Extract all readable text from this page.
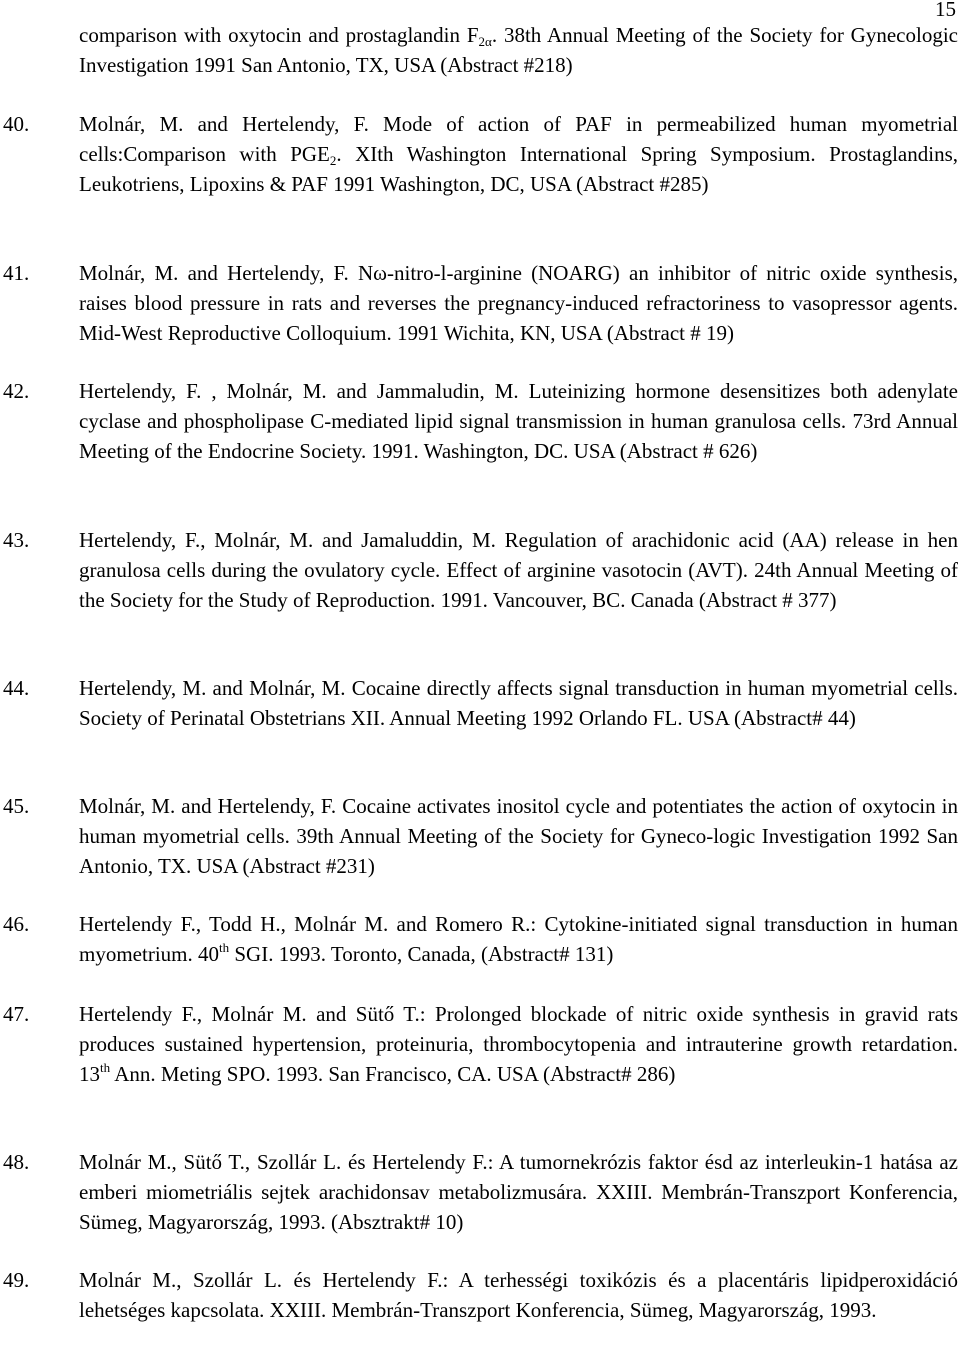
15
comparison with oxytocin and prostaglandin $F_{2\alpha}$. 38th Annual Meeting of the Society for Gynecologic Investigation 1991 San Antonio, TX, USA (Abstract #218)
40. Molnár, M. and Hertelendy, F. Mode of action of PAF in permeabilized human myometrial cells:Comparison with $PGE_2$. XIth Washington International Spring Symposium. Prostaglandins, Leukotriens, Lipoxins & PAF 1991 Washington, DC, USA (Abstract #285)
41. Molnár, M. and Hertelendy, F. Nω-nitro-l-arginine (NOARG) an inhibitor of nitric oxide synthesis, raises blood pressure in rats and reverses the pregnancy-induced refractoriness to vasopressor agents. Mid-West Reproductive Colloquium. 1991 Wichita, KN, USA (Abstract # 19)
42. Hertelendy, F. , Molnár, M. and Jammaludin, M. Luteinizing hormone desensitizes both adenylate cyclase and phospholipase C-mediated lipid signal transmission in human granulosa cells. 73rd Annual Meeting of the Endocrine Society. 1991. Washington, DC. USA (Abstract # 626)
43. Hertelendy, F., Molnár, M. and Jamaluddin, M. Regulation of arachidonic acid (AA) release in hen granulosa cells during the ovulatory cycle. Effect of arginine vasotocin (AVT). 24th Annual Meeting of the Society for the Study of Reproduction. 1991. Vancouver, BC. Canada (Abstract # 377)
44. Hertelendy, M. and Molnár, M. Cocaine directly affects signal transduction in human myometrial cells. Society of Perinatal Obstetrians XII. Annual Meeting 1992 Orlando FL. USA (Abstract# 44)
45. Molnár, M. and Hertelendy, F. Cocaine activates inositol cycle and potentiates the action of oxytocin in human myometrial cells. 39th Annual Meeting of the Society for Gyneco-logic Investigation 1992 San Antonio, TX. USA (Abstract #231)
46. Hertelendy F., Todd H., Molnár M. and Romero R.: Cytokine-initiated signal transduction in human myometrium. 40th SGI. 1993. Toronto, Canada, (Abstract# 131)
47. Hertelendy F., Molnár M. and Sütő T.: Prolonged blockade of nitric oxide synthesis in gravid rats produces sustained hypertension, proteinuria, thrombocytopenia and intrauterine growth retardation. 13th Ann. Meting SPO. 1993. San Francisco, CA. USA (Abstract# 286)
48. Molnár M., Sütő T., Szollár L. és Hertelendy F.: A tumornekrózis faktor ésd az interleukin-1 hatása az emberi miometriális sejtek arachidonsav metabolizmusára. XXIII. Membrán-Transzport Konferencia, Sümeg, Magyarország, 1993. (Absztrakt# 10)
49. Molnár M., Szollár L. és Hertelendy F.: A terhességi toxikózis és a placentáris lipidperoxidáció lehetséges kapcsolata. XXIII. Membrán-Transzport Konferencia, Sümeg, Magyarország, 1993.
